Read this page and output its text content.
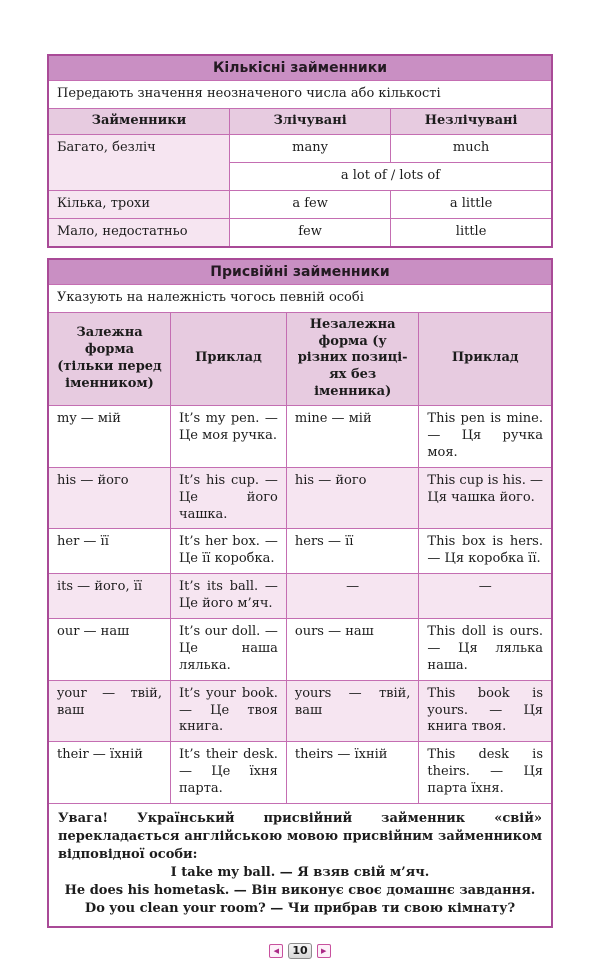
Кількісні займенники		
Передають значення неозначеного числа або кількості		
Займенники	Злічувані	Незлічувані
Багато, безліч	many	much
	a lot of / lots of	
Кілька, трохи	a few	a little
Мало, недостатньо	few	little
Присвійні займенники			
Указують на належність чогось певній особі			
Залежна форма (тільки перед іменником)	Приклад	Незалежна форма (у різних позиціях без іменника)	Приклад
my — мій	It’s my pen. — Це моя ручка.	mine — мій	This pen is mine. — Ця ручка моя.
his — його	It’s his cup. — Це його чашка.	his — його	This cup is his. — Ця чашка його.
her — її	It’s her box. — Це її коробка.	hers — її	This box is hers. — Ця коробка її.
its — його, її	It’s its ball. — Це його м’яч.	—	—
our — наш	It’s our doll. — Це наша лялька.	ours — наш	This doll is ours. — Ця лялька наша.
your — твій, ваш	It’s your book. — Це твоя книга.	yours — твій, ваш	This book is yours. — Ця книга твоя.
their — їхній	It’s their desk. — Це їхня парта.	theirs — їхній	This desk is theirs. — Ця парта їхня.

Увага! Український присвійний займенник «свій» перекладається англійською мовою присвійним займенником відповідної особи:

I take my ball. — Я взяв свій м’яч.

He does his hometask. — Він виконує своє домашнє завдання.

Do you clean your room? — Чи прибрав ти свою кімнату?			

◀	10	▶
